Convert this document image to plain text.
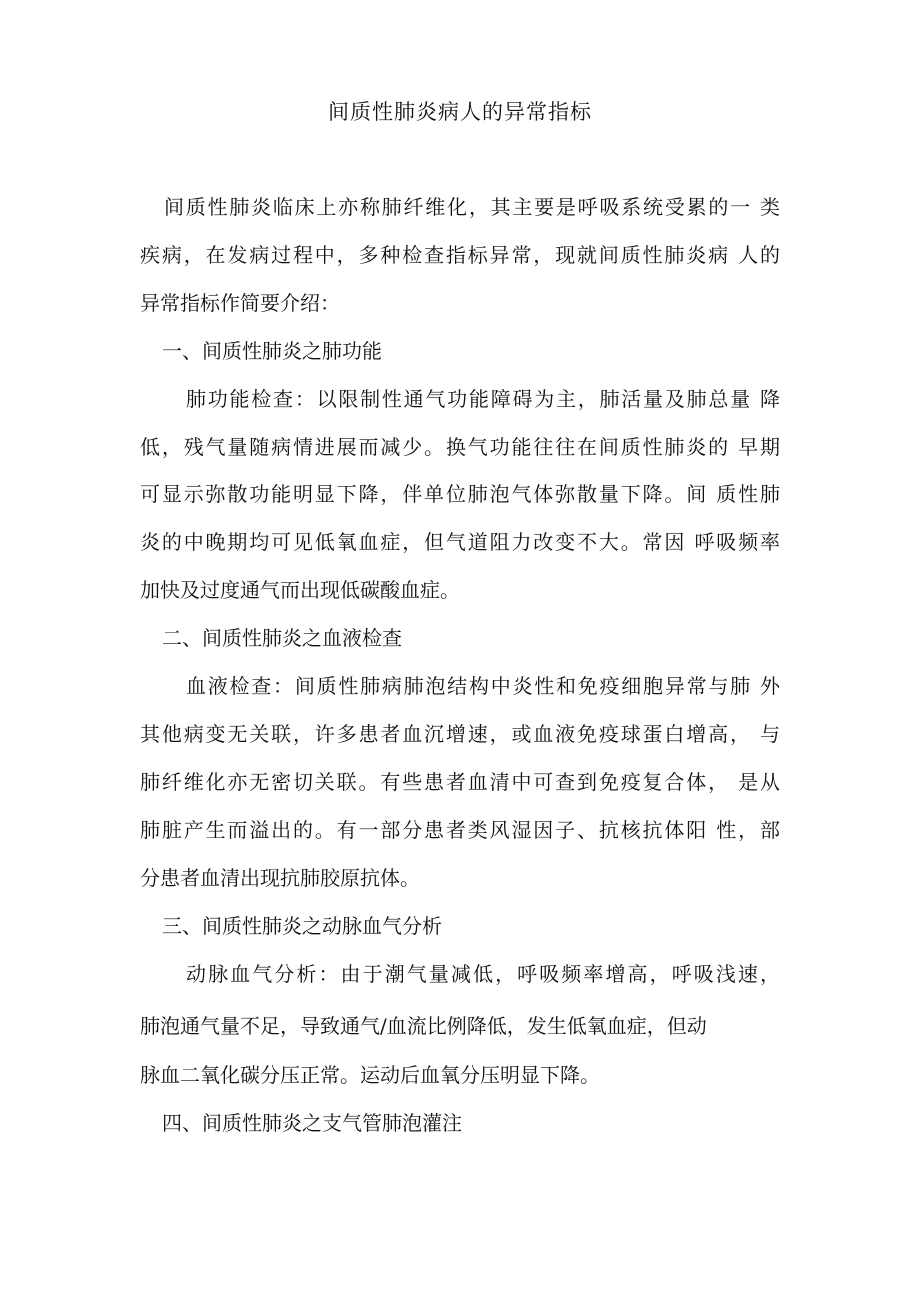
间质性肺炎病人的异常指标
间质性肺炎临床上亦称肺纤维化，其主要是呼吸系统受累的一 类
疾病，在发病过程中，多种检查指标异常，现就间质性肺炎病 人的
异常指标作简要介绍：
一、间质性肺炎之肺功能
肺功能检查：以限制性通气功能障碍为主，肺活量及肺总量 降
低，残气量随病情进展而减少。换气功能往往在间质性肺炎的 早期
可显示弥散功能明显下降，伴单位肺泡气体弥散量下降。间 质性肺
炎的中晚期均可见低氧血症，但气道阻力改变不大。常因 呼吸频率
加快及过度通气而出现低碳酸血症。
二、间质性肺炎之血液检查
血液检查：间质性肺病肺泡结构中炎性和免疫细胞异常与肺 外
其他病变无关联，许多患者血沉增速，或血液免疫球蛋白增高， 与
肺纤维化亦无密切关联。有些患者血清中可查到免疫复合体， 是从
肺脏产生而溢出的。有一部分患者类风湿因子、抗核抗体阳 性，部
分患者血清出现抗肺胶原抗体。
三、间质性肺炎之动脉血气分析
动脉血气分析：由于潮气量减低，呼吸频率增高，呼吸浅速，
肺泡通气量不足，导致通气/血流比例降低，发生低氧血症，但动
脉血二氧化碳分压正常。运动后血氧分压明显下降。
四、间质性肺炎之支气管肺泡灌注
